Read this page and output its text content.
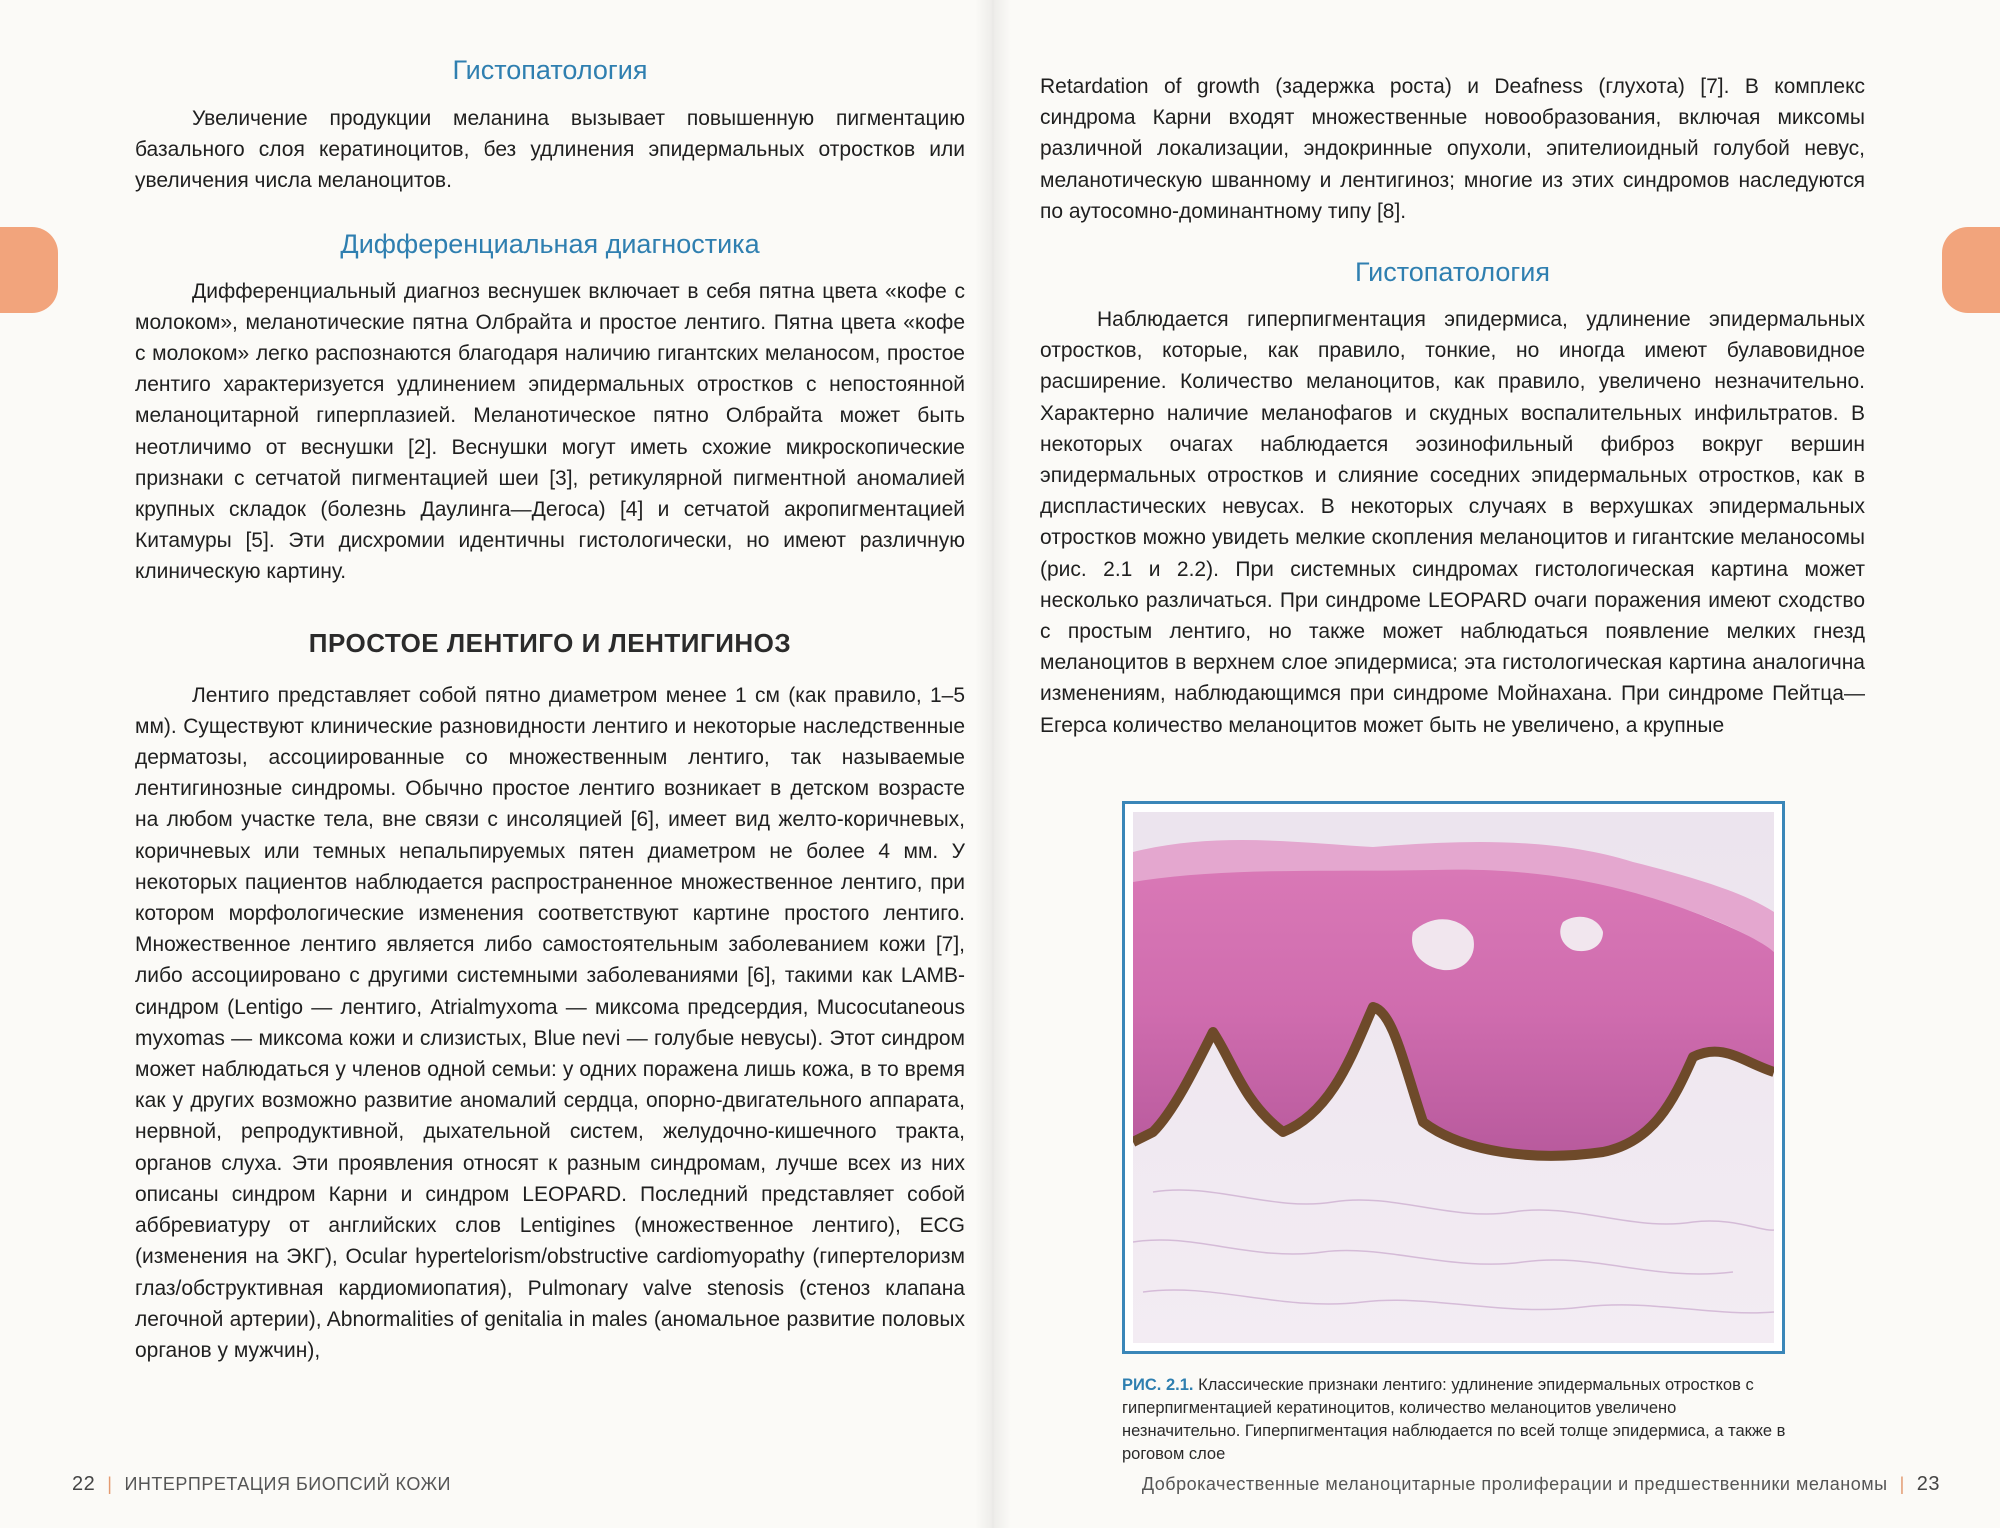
Гистопатология

Увеличение продукции меланина вызывает повышенную пигментацию базального слоя кератиноцитов, без удлинения эпидермальных отростков или увеличения числа меланоцитов.

Дифференциальная диагностика

Дифференциальный диагноз веснушек включает в себя пятна цвета «кофе с молоком», меланотические пятна Олбрайта и простое лентиго. Пятна цвета «кофе с молоком» легко распознаются благодаря наличию гигантских меланосом, простое лентиго характеризуется удлинением эпидермальных отростков с непостоянной меланоцитарной гиперплазией. Меланотическое пятно Олбрайта может быть неотличимо от веснушки [2]. Веснушки могут иметь схожие микроскопические признаки с сетчатой пигментацией шеи [3], ретикулярной пигментной аномалией крупных складок (болезнь Даулинга—Дегоса) [4] и сетчатой акропигментацией Китамуры [5]. Эти дисхромии идентичны гистологически, но имеют различную клиническую картину.

ПРОСТОЕ ЛЕНТИГО И ЛЕНТИГИНОЗ

Лентиго представляет собой пятно диаметром менее 1 см (как правило, 1–5 мм). Существуют клинические разновидности лентиго и некоторые наследственные дерматозы, ассоциированные со множественным лентиго, так называемые лентигинозные синдромы. Обычно простое лентиго возникает в детском возрасте на любом участке тела, вне связи с инсоляцией [6], имеет вид желто-коричневых, коричневых или темных непальпируемых пятен диаметром не более 4 мм. У некоторых пациентов наблюдается распространенное множественное лентиго, при котором морфологические изменения соответствуют картине простого лентиго. Множественное лентиго является либо самостоятельным заболеванием кожи [7], либо ассоциировано с другими системными заболеваниями [6], такими как LAMB-синдром (Lentigo — лентиго, Atrialmyxoma — миксома предсердия, Mucocutaneous myxomas — миксома кожи и слизистых, Blue nevi — голубые невусы). Этот синдром может наблюдаться у членов одной семьи: у одних поражена лишь кожа, в то время как у других возможно развитие аномалий сердца, опорно-двигательного аппарата, нервной, репродуктивной, дыхательной систем, желудочно-кишечного тракта, органов слуха. Эти проявления относят к разным синдромам, лучше всех из них описаны синдром Карни и синдром LEOPARD. Последний представляет собой аббревиатуру от английских слов Lentigines (множественное лентиго), ECG (изменения на ЭКГ), Ocular hypertelorism/obstructive cardiomyopathy (гипертелоризм глаз/обструктивная кардиомиопатия), Pulmonary valve stenosis (стеноз клапана легочной артерии), Abnormalities of genitalia in males (аномальное развитие половых органов у мужчин),

22 | ИНТЕРПРЕТАЦИЯ БИОПСИЙ КОЖИ

Retardation of growth (задержка роста) и Deafness (глухота) [7]. В комплекс синдрома Карни входят множественные новообразования, включая миксомы различной локализации, эндокринные опухоли, эпителиоидный голубой невус, меланотическую шванному и лентигиноз; многие из этих синдромов наследуются по аутосомно-доминантному типу [8].

Гистопатология

Наблюдается гиперпигментация эпидермиса, удлинение эпидермальных отростков, которые, как правило, тонкие, но иногда имеют булавовидное расширение. Количество меланоцитов, как правило, увеличено незначительно. Характерно наличие меланофагов и скудных воспалительных инфильтратов. В некоторых очагах наблюдается эозинофильный фиброз вокруг вершин эпидермальных отростков и слияние соседних эпидермальных отростков, как в диспластических невусах. В некоторых случаях в верхушках эпидермальных отростков можно увидеть мелкие скопления меланоцитов и гигантские меланосомы (рис. 2.1 и 2.2). При системных синдромах гистологическая картина может несколько различаться. При синдроме LEOPARD очаги поражения имеют сходство с простым лентиго, но также может наблюдаться появление мелких гнезд меланоцитов в верхнем слое эпидермиса; эта гистологическая картина аналогична изменениям, наблюдающимся при синдроме Мойнахана. При синдроме Пейтца—Егерса количество меланоцитов может быть не увеличено, а крупные

РИС. 2.1. Классические признаки лентиго: удлинение эпидермальных отростков с гиперпигментацией кератиноцитов, количество меланоцитов увеличено незначительно. Гиперпигментация наблюдается по всей толще эпидермиса, а также в роговом слое

Доброкачественные меланоцитарные пролиферации и предшественники меланомы | 23
